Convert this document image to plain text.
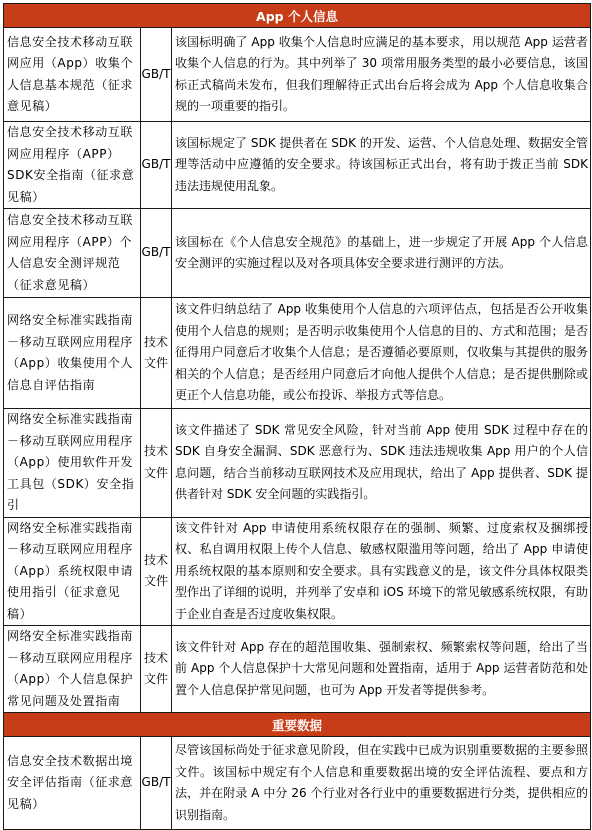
App 个人信息		
信息安全技术移动互联网应用（App）收集个人信息基本规范（征求意见稿）	GB/T	该国标明确了 App 收集个人信息时应满足的基本要求，用以规范 App 运营者收集个人信息的行为。其中列举了 30 项常用服务类型的最小必要信息，该国标正式稿尚未发布，但我们理解待正式出台后将会成为 App 个人信息收集合规的一项重要的指引。
信息安全技术移动互联网应用程序（APP）SDK安全指南（征求意见稿）	GB/T	该国标规定了 SDK 提供者在 SDK 的开发、运营、个人信息处理、数据安全管理等活动中应遵循的安全要求。待该国标正式出台，将有助于拨正当前 SDK 违法违规使用乱象。
信息安全技术移动互联网应用程序（APP）个人信息安全测评规范（征求意见稿）	GB/T	该国标在《个人信息安全规范》的基础上，进一步规定了开展 App 个人信息安全测评的实施过程以及对各项具体安全要求进行测评的方法。
网络安全标准实践指南－移动互联网应用程序（App）收集使用个人信息自评估指南	技术文件	该文件归纳总结了 App 收集使用个人信息的六项评估点，包括是否公开收集使用个人信息的规则；是否明示收集使用个人信息的目的、方式和范围；是否征得用户同意后才收集个人信息；是否遵循必要原则，仅收集与其提供的服务相关的个人信息；是否经用户同意后才向他人提供个人信息；是否提供删除或更正个人信息功能，或公布投诉、举报方式等信息。
网络安全标准实践指南－移动互联网应用程序（App）使用软件开发工具包（SDK）安全指引	技术文件	该文件描述了 SDK 常见安全风险，针对当前 App 使用 SDK 过程中存在的 SDK 自身安全漏洞、SDK 恶意行为、SDK 违法违规收集 App 用户的个人信息问题，结合当前移动互联网技术及应用现状，给出了 App 提供者、SDK 提供者针对 SDK 安全问题的实践指引。
网络安全标准实践指南－移动互联网应用程序（App）系统权限申请使用指引（征求意见稿）	技术文件	该文件针对 App 申请使用系统权限存在的强制、频繁、过度索权及捆绑授权、私自调用权限上传个人信息、敏感权限滥用等问题，给出了 App 申请使用系统权限的基本原则和安全要求。具有实践意义的是，该文件分具体权限类型作出了详细的说明，并列举了安卓和 iOS 环境下的常见敏感系统权限，有助于企业自查是否过度收集权限。
网络安全标准实践指南－移动互联网应用程序（App）个人信息保护常见问题及处置指南	技术文件	该文件针对 App 存在的超范围收集、强制索权、频繁索权等问题，给出了当前 App 个人信息保护十大常见问题和处置指南，适用于 App 运营者防范和处置个人信息保护常见问题，也可为 App 开发者等提供参考。
重要数据		
信息安全技术数据出境安全评估指南（征求意见稿）	GB/T	尽管该国标尚处于征求意见阶段，但在实践中已成为识别重要数据的主要参照文件。该国标中规定有个人信息和重要数据出境的安全评估流程、要点和方法，并在附录 A 中分 26 个行业对各行业中的重要数据进行分类，提供相应的识别指南。
